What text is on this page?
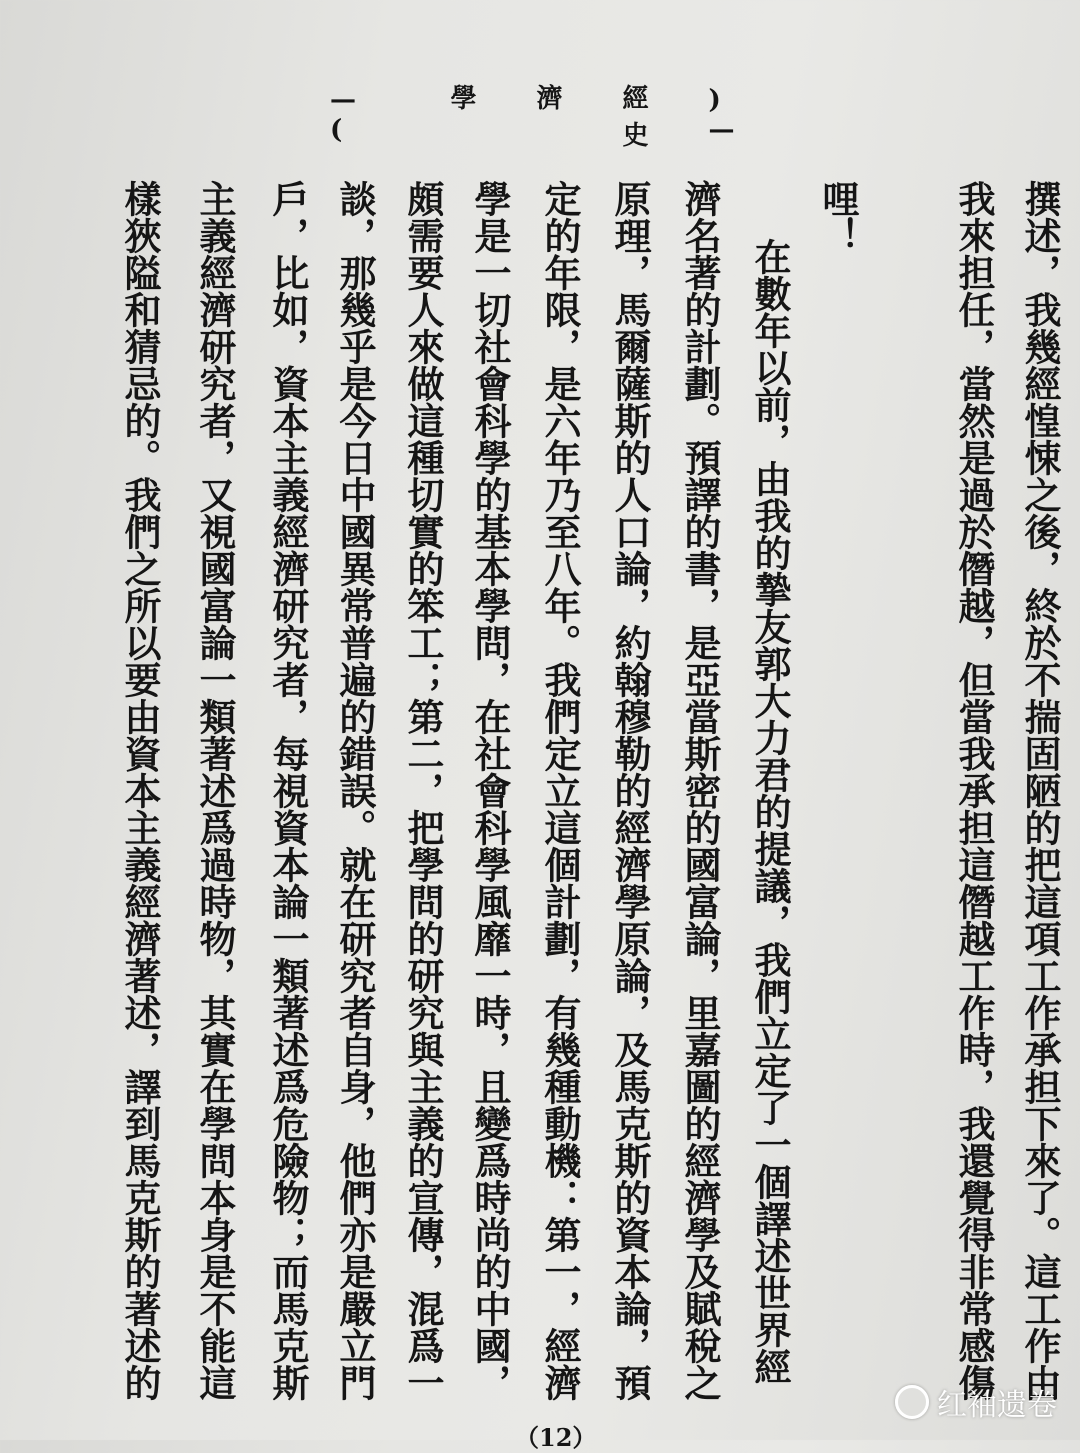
—(
經濟學史
)—
撰述，我幾經惶悚之後，終於不揣固陋的把這項工作承担下來了。這工作由
我來担任，當然是過於僭越，但當我承担這僭越工作時，我還覺得非常感傷
哩！
在數年以前，由我的摯友郭大力君的提議，我們立定了一個譯述世界經
濟名著的計劃。預譯的書，是亞當斯密的國富論，里嘉圖的經濟學及賦稅之
原理，馬爾薩斯的人口論，約翰穆勒的經濟學原論，及馬克斯的資本論，預
定的年限，是六年乃至八年。我們定立這個計劃，有幾種動機：第一，經濟
學是一切社會科學的基本學問，在社會科學風靡一時，且變爲時尚的中國，
頗需要人來做這種切實的笨工；第二，把學問的研究與主義的宣傳，混爲一
談，那幾乎是今日中國異常普遍的錯誤。就在研究者自身，他們亦是嚴立門
戶，比如，資本主義經濟研究者，每視資本論一類著述爲危險物；而馬克斯
主義經濟研究者，又視國富論一類著述爲過時物，其實在學問本身是不能這
樣狹隘和猜忌的。我們之所以要由資本主義經濟著述，譯到馬克斯的著述的
（12）
红袖遗卷
